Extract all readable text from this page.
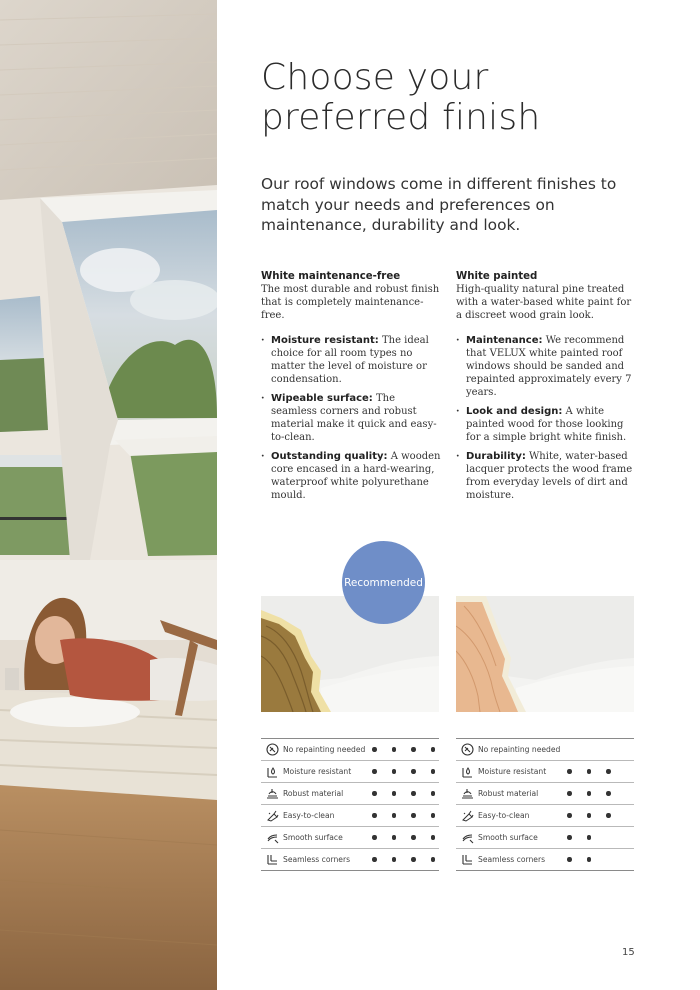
Choose your
preferred finish

Our roof windows come in different finishes to match your needs and preferences on maintenance, durability and look.

White maintenance-free

The most durable and robust finish that is completely maintenance-free.

· Moisture resistant: The ideal choice for all room types no matter the level of moisture or condensation.
· Wipeable surface: The seamless corners and robust material make it quick and easy-to-clean.
· Outstanding quality: A wooden core encased in a hard-wearing, waterproof white polyurethane mould.
White painted

High-quality natural pine treated with a water-based white paint for a discreet wood grain look.

· Maintenance: We recommend that VELUX white painted roof windows should be sanded and repainted approximately every 7 years.
· Look and design: A white painted wood for those looking for a simple bright white finish.
· Durability: White, water-based lacquer protects the wood frame from everyday levels of dirt and moisture.
Recommended
No repainting needed
Moisture resistant
Robust material
Easy-to-clean
Smooth surface
Seamless corners
No repainting needed
Moisture resistant
Robust material
Easy-to-clean
Smooth surface
Seamless corners
15
